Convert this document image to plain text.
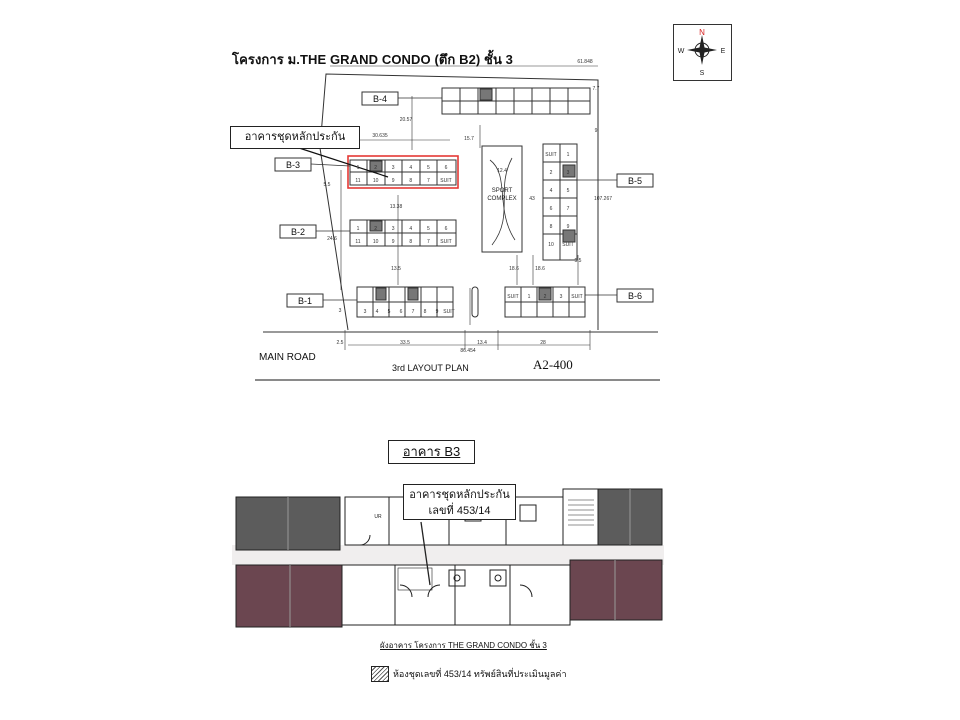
โครงการ ม.THE GRAND CONDO (ตึก B2) ชั้น 3
N
S
E
W
B-4
B-3
B-2
B-1
B-5
B-6
SPORT
COMPLEX
61.848
30.635	15.7
20.57
107.267
5.5
24.6
13.38
13.5
12.4
43
18.6	18.6
5.5
2.5	33.5	13.4	28
86.454
3
9
7.7
1	2	3	4	5	6
11 10	9	8	7 SUIT
1	2	3	4	5	6
11 10	9	8	7 SUIT
3 4 5 6 7 8 9 SUIT
SUIT 1	2	3 SUIT
SUIT 1
2	3
4	5
6	7
8	9
10 SUIT
อาคารชุดหลักประกัน
MAIN ROAD
3rd LAYOUT PLAN	A2-400
อาคาร B3
UR
อาคารชุดหลักประกัน
เลขที่ 453/14
ผังอาคาร โครงการ THE GRAND CONDO ชั้น 3
ห้องชุดเลขที่ 453/14 ทรัพย์สินที่ประเมินมูลค่า
